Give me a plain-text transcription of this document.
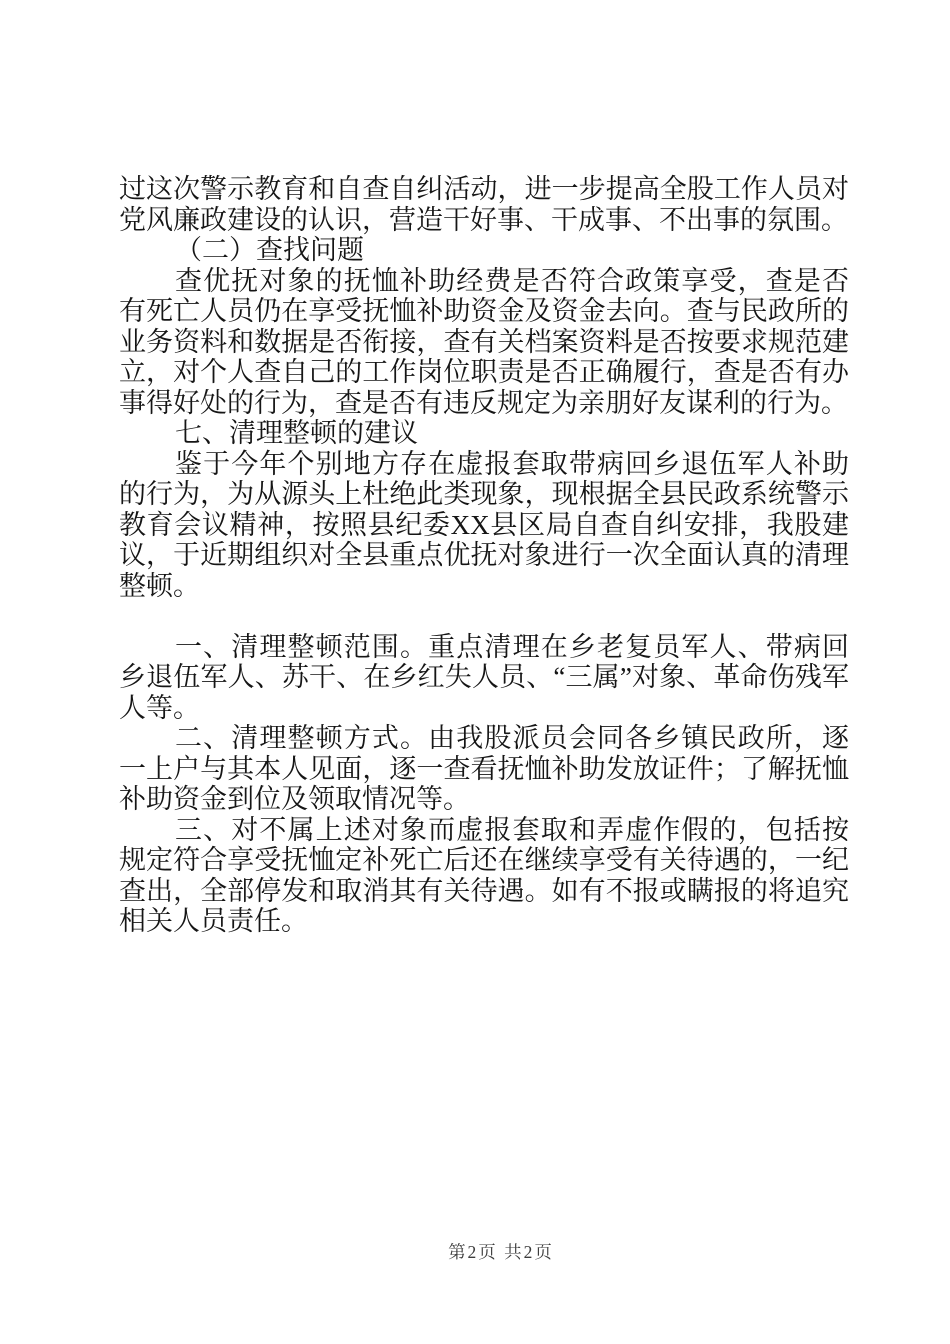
过这次警示教育和自查自纠活动，进一步提高全股工作人员对党风廉政建设的认识，营造干好事、干成事、不出事的氛围。

（二）查找问题

查优抚对象的抚恤补助经费是否符合政策享受，查是否有死亡人员仍在享受抚恤补助资金及资金去向。查与民政所的业务资料和数据是否衔接，查有关档案资料是否按要求规范建立，对个人查自己的工作岗位职责是否正确履行，查是否有办事得好处的行为，查是否有违反规定为亲朋好友谋利的行为。

七、清理整顿的建议

鉴于今年个别地方存在虚报套取带病回乡退伍军人补助的行为，为从源头上杜绝此类现象，现根据全县民政系统警示教育会议精神，按照县纪委XX县区局自查自纠安排，我股建议，于近期组织对全县重点优抚对象进行一次全面认真的清理整顿。

一、清理整顿范围。重点清理在乡老复员军人、带病回乡退伍军人、苏干、在乡红失人员、“三属”对象、革命伤残军人等。

二、清理整顿方式。由我股派员会同各乡镇民政所，逐一上户与其本人见面，逐一查看抚恤补助发放证件；了解抚恤补助资金到位及领取情况等。

三、对不属上述对象而虚报套取和弄虚作假的，包括按规定符合享受抚恤定补死亡后还在继续享受有关待遇的，一纪查出，全部停发和取消其有关待遇。如有不报或瞒报的将追究相关人员责任。

第2页 共2页
